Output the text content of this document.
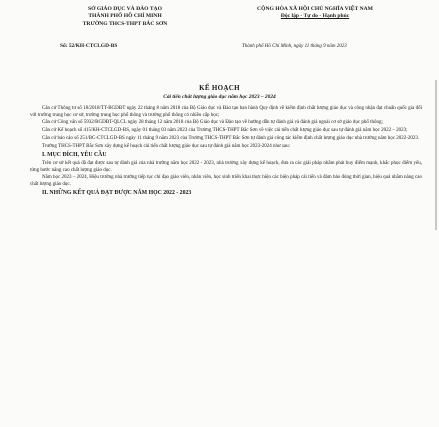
SỞ GIÁO DỤC VÀ ĐÀO TẠO
THÀNH PHỐ HỒ CHÍ MINH
TRƯỜNG THCS-THPT BẮC SƠN
Số: 52/KH-CTCLGD-BS
CỘNG HÒA XÃ HỘI CHỦ NGHĨA VIỆT NAM
Độc lập - Tự do - Hạnh phúc
Thành phố Hồ Chí Minh, ngày 11 tháng 9 năm 2023
KẾ HOẠCH
Cải tiến chất lượng giáo dục năm học 2023 – 2024

Căn cứ Thông tư số 18/2018/TT-BGDĐT ngày 22 tháng 8 năm 2018 của Bộ Giáo dục và Đào tạo ban hành Quy định về kiểm định chất lượng giáo dục và công nhận đạt chuẩn quốc gia đối với trường trung học cơ sở, trường trung học phổ thông và trường phổ thông có nhiều cấp học;

Căn cứ Công văn số 5932/BGDĐT-QLCL ngày 28 tháng 12 năm 2018 của Bộ Giáo dục và Đào tạo về hướng dẫn tự đánh giá và đánh giá ngoài cơ sở giáo dục phổ thông;

Căn cứ Kế hoạch số 415/KH-CTCLGD-BS, ngày 01 tháng 03 năm 2023 của Trường THCS-THPT Bắc Sơn về việc cải tiến chất lượng giáo dục sau tự đánh giá năm học 2022 – 2023;

Căn cứ báo cáo số 251/BC-CTCLGD-BS ngày 11 tháng 9 năm 2023 của Trường THCS-THPT Bắc Sơn tự đánh giá công tác kiểm định chất lượng giáo dục nhà trường năm học 2022-2023.

Trường THCS-THPT Bắc Sơn xây dựng kế hoạch cải tiến chất lượng giáo dục sau tự đánh giá năm học 2023-2024 như sau:

I. MỤC ĐÍCH, YÊU CẦU

Trên cơ sở kết quả đã đạt được sau tự đánh giá của nhà trường năm học 2022 - 2023, nhà trường xây dựng kế hoạch, đưa ra các giải pháp nhằm phát huy điểm mạnh, khắc phục điểm yếu, từng bước nâng cao chất lượng giáo dục.

Năm học 2023 – 2024, Hiệu trưởng nhà trường tiếp tục chỉ đạo giáo viên, nhân viên, học sinh triển khai thực hiện các biện pháp cải tiến và đảm bảo đúng thời gian, hiệu quả nhằm nâng cao chất lượng giáo dục.

II. NHỮNG KẾT QUẢ ĐẠT ĐƯỢC NĂM HỌC 2022 - 2023
